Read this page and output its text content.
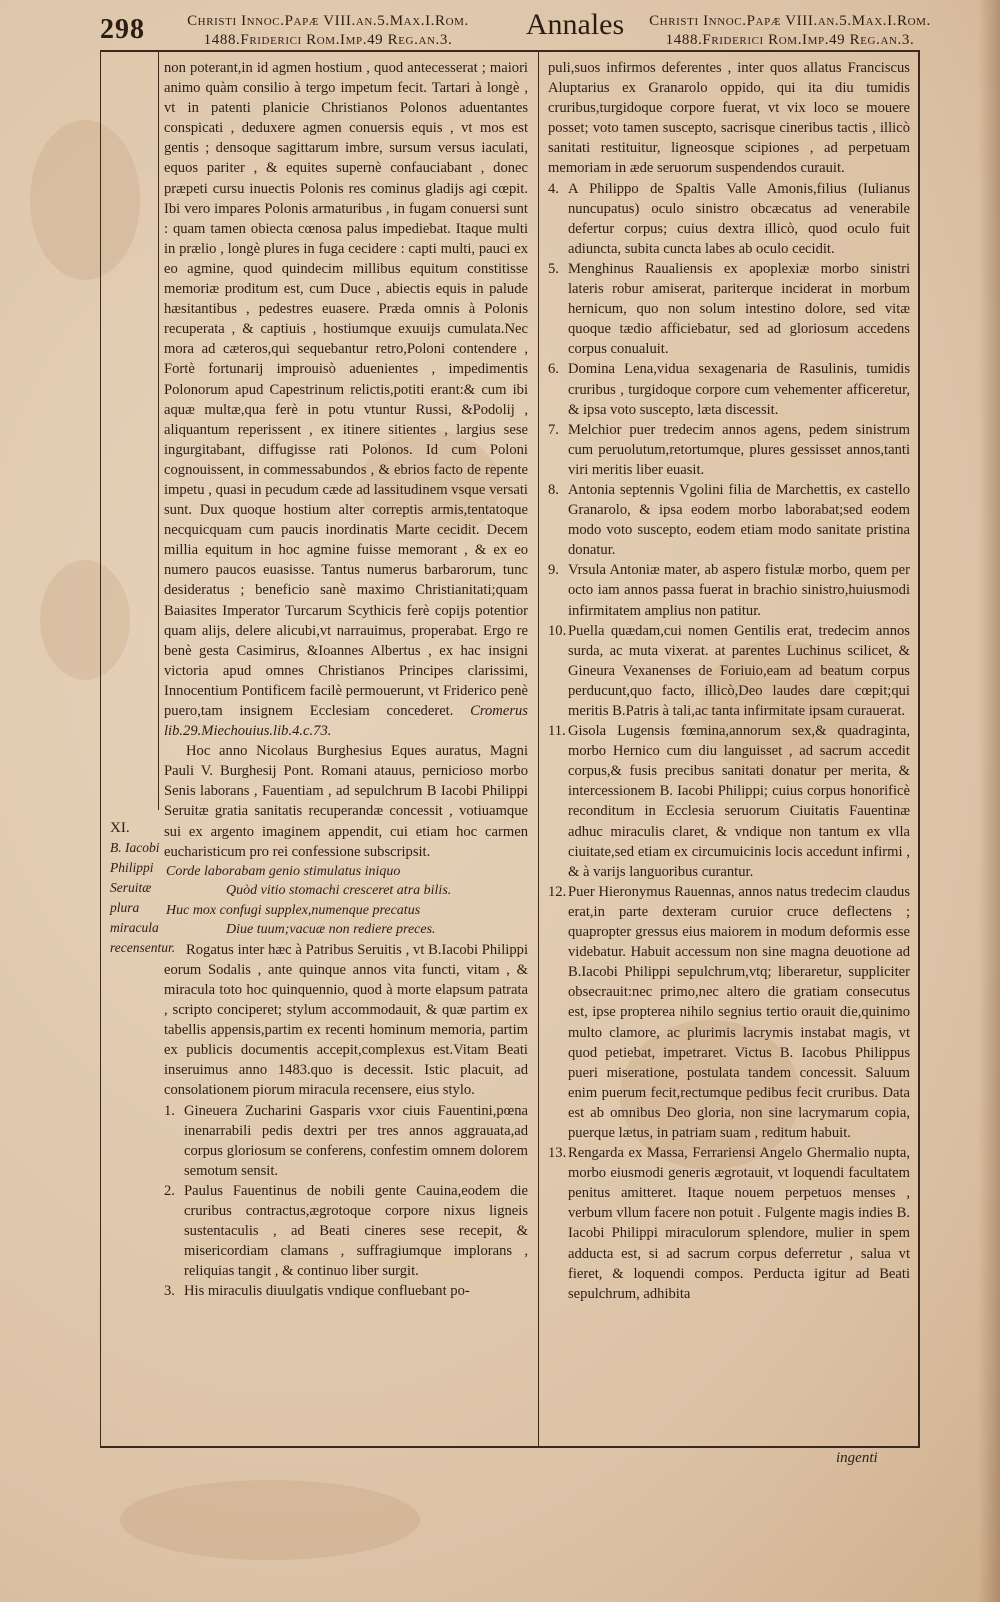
298	Christi Innoc.Papæ VIII.an.5.Max.I.Rom.
1488.Friderici Rom.Imp.49 Reg.an.3.	Annales	Christi Innoc.Papæ VIII.an.5.Max.I.Rom.
1488.Friderici Rom.Imp.49 Reg.an.3.

non poterant,in id agmen hostium , quod antecesserat ; maiori animo quàm consilio à tergo impetum fecit. Tartari à longè , vt in patenti planicie Christianos Polonos aduentantes conspicati , deduxere agmen conuersis equis , vt mos est gentis ; densoque sagittarum imbre, sursum versus iaculati, equos pariter , & equites supernè confauciabant , donec præpeti cursu inuectis Polonis res cominus gladijs agi cœpit. Ibi vero impares Polonis armaturibus , in fugam conuersi sunt : quam tamen obiecta cœnosa palus impediebat. Itaque multi in prælio , longè plures in fuga cecidere : capti multi, pauci ex eo agmine, quod quindecim millibus equitum constitisse memoriæ proditum est, cum Duce , abiectis equis in palude hæsitantibus , pedestres euasere. Præda omnis à Polonis recuperata , & captiuis , hostiumque exuuijs cumulata.Nec mora ad cæteros,qui sequebantur retro,Poloni contendere , Fortè fortunarij improuisò aduenientes , impedimentis Polonorum apud Capestrinum relictis,potiti erant:& cum ibi aquæ multæ,qua ferè in potu vtuntur Russi, &Podolij , aliquantum reperissent , ex itinere sitientes , largius sese ingurgitabant, diffugisse rati Polonos. Id cum Poloni cognouissent, in commessabundos , & ebrios facto de repente impetu , quasi in pecudum cæde ad lassitudinem vsque versati sunt. Dux quoque hostium alter correptis armis,tentatoque necquicquam cum paucis inordinatis Marte cecidit. Decem millia equitum in hoc agmine fuisse memorant , & ex eo numero paucos euasisse. Tantus numerus barbarorum, tunc desideratus ; beneficio sanè maximo Christianitati;quam Baiasites Imperator Turcarum Scythicis ferè copijs potentior quam alijs, delere alicubi,vt narrauimus, properabat. Ergo re benè gesta Casimirus, &Ioannes Albertus , ex hac insigni victoria apud omnes Christianos Principes clarissimi, Innocentium Pontificem facilè permouerunt, vt Friderico penè puero,tam insignem Ecclesiam concederet. Cromerus lib.29.Miechouius.lib.4.c.73.

Hoc anno Nicolaus Burghesius Eques auratus, Magni Pauli V. Burghesij Pont. Romani atauus, pernicioso morbo Senis laborans , Fauentiam , ad sepulchrum B Iacobi Philippi Seruitæ gratia sanitatis recuperandæ concessit , votiuamque sui ex argento imaginem appendit, cui etiam hoc carmen eucharisticum pro rei confessione subscripsit.

Corde laborabam genio stimulatus iniquo

Quòd vitio stomachi cresceret atra bilis.

Huc mox confugi supplex,numenque precatus

Diue tuum;vacuæ non rediere preces.

Rogatus inter hæc à Patribus Seruitis , vt B.Iacobi Philippi eorum Sodalis , ante quinque annos vita functi, vitam , & miracula toto hoc quinquennio, quod à morte elapsum patrata , scripto conciperet; stylum accommodauit, & quæ partim ex tabellis appensis,partim ex recenti hominum memoria, partim ex publicis documentis accepit,complexus est.Vitam Beati inseruimus anno 1483.quo is decessit. Istic placuit, ad consolationem piorum miracula recensere, eius stylo.

1. Gineuera Zucharini Gasparis vxor ciuis Fauentini,pœna inenarrabili pedis dextri per tres annos aggrauata,ad corpus gloriosum se conferens, confestim omnem dolorem semotum sensit.

2. Paulus Fauentinus de nobili gente Cauina,eodem die cruribus contractus,ægrotoque corpore nixus ligneis sustentaculis , ad Beati cineres sese recepit, & misericordiam clamans , suffragiumque implorans , reliquias tangit , & continuo liber surgit.

3. His miraculis diuulgatis vndique confluebant po-

XI.
B. Iacobi Philippi Seruitæ plura miracula recensentur.

puli,suos infirmos deferentes , inter quos allatus Franciscus Aluptarius ex Granarolo oppido, qui ita diu tumidis cruribus,turgidoque corpore fuerat, vt vix loco se mouere posset; voto tamen suscepto, sacrisque cineribus tactis , illicò sanitati restituitur, ligneosque scipiones , ad perpetuam memoriam in æde seruorum suspendendos curauit.

4. A Philippo de Spaltis Valle Amonis,filius (Iulianus nuncupatus) oculo sinistro obcæcatus ad venerabile defertur corpus; cuius dextra illicò, quod oculo fuit adiuncta, subita cuncta labes ab oculo cecidit.

5. Menghinus Raualiensis ex apoplexiæ morbo sinistri lateris robur amiserat, pariterque inciderat in morbum hernicum, quo non solum intestino dolore, sed vitæ quoque tædio afficiebatur, sed ad gloriosum accedens corpus conualuit.

6. Domina Lena,vidua sexagenaria de Rasulinis, tumidis cruribus , turgidoque corpore cum vehementer afficeretur, & ipsa voto suscepto, læta discessit.

7. Melchior puer tredecim annos agens, pedem sinistrum cum peruolutum,retortumque, plures gessisset annos,tanti viri meritis liber euasit.

8. Antonia septennis Vgolini filia de Marchettis, ex castello Granarolo, & ipsa eodem morbo laborabat;sed eodem modo voto suscepto, eodem etiam modo sanitate pristina donatur.

9. Vrsula Antoniæ mater, ab aspero fistulæ morbo, quem per octo iam annos passa fuerat in brachio sinistro,huiusmodi infirmitatem amplius non patitur.

10. Puella quædam,cui nomen Gentilis erat, tredecim annos surda, ac muta vixerat. at parentes Luchinus scilicet, & Gineura Vexanenses de Foriuio,eam ad beatum corpus perducunt,quo facto, illicò,Deo laudes dare cœpit;qui meritis B.Patris à tali,ac tanta infirmitate ipsam curauerat.

11. Gisola Lugensis fœmina,annorum sex,& quadraginta, morbo Hernico cum diu languisset , ad sacrum accedit corpus,& fusis precibus sanitati donatur per merita, & intercessionem B. Iacobi Philippi; cuius corpus honorificè reconditum in Ecclesia seruorum Ciuitatis Fauentinæ adhuc miraculis claret, & vndique non tantum ex vlla ciuitate,sed etiam ex circumuicinis locis accedunt infirmi , & à varijs languoribus curantur.

12. Puer Hieronymus Rauennas, annos natus tredecim claudus erat,in parte dexteram curuior cruce deflectens ; quapropter gressus eius maiorem in modum deformis esse videbatur. Habuit accessum non sine magna deuotione ad B.Iacobi Philippi sepulchrum,vtq; liberaretur, suppliciter obsecrauit:nec primo,nec altero die gratiam consecutus est, ipse propterea nihilo segnius tertio orauit die,quinimo multo clamore, ac plurimis lacrymis instabat magis, vt quod petiebat, impetraret. Victus B. Iacobus Philippus pueri miseratione, postulata tandem concessit. Saluum enim puerum fecit,rectumque pedibus fecit cruribus. Data est ab omnibus Deo gloria, non sine lacrymarum copia, puerque lætus, in patriam suam , reditum habuit.

13. Rengarda ex Massa, Ferrariensi Angelo Ghermalio nupta, morbo eiusmodi generis ægrotauit, vt loquendi facultatem penitus amitteret. Itaque nouem perpetuos menses , verbum vllum facere non potuit . Fulgente magis indies B. Iacobi Philippi miraculorum splendore, mulier in spem adducta est, si ad sacrum corpus deferretur , salua vt fieret, & loquendi compos. Perducta igitur ad Beati sepulchrum, adhibita

ingenti
